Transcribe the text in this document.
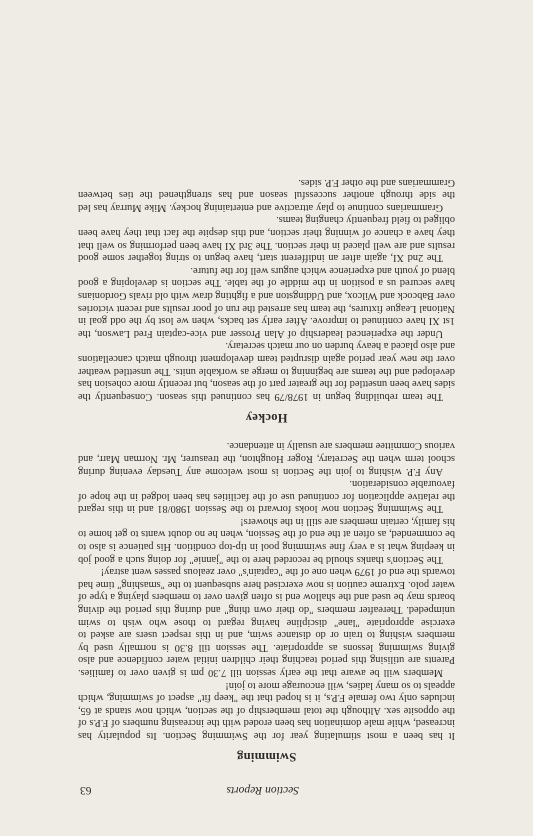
Section Reports
63
Swimming

It has been a most stimulating year for the Swimming Section. Its popularity has increased, while male domination has been eroded with the increasing numbers of F.P.s of the opposite sex. Although the total membership of the section, which now stands at 65, includes only two female F.P.s, it is hoped that the "keep fit" aspect of swimming, which appeals to so many ladies, will encourage more to join!

Members will be aware that the early session till 7.30 pm is given over to families. Parents are utilising this period teaching their children initial water confidence and also giving swimming lessons as appropriate. The session till 8.30 is normally used by members wishing to train or do distance swim, and in this respect users are asked to exercise appropriate "lane" discipline having regard to those who wish to swim unimpeded. Thereafter members "do their own thing" and during this period the diving boards may be used and the shallow end is often given over to members playing a type of water polo. Extreme caution is now exercised here subsequent to the "smashing" time had towards the end of 1979 when one of the "captain's" over zealous passes went astray!

The Section's thanks should be recorded here to the "jannie" for doing such a good job in keeping what is a very fine swimming pool in tip-top condition. His patience is also to be commended, as often at the end of the Session, when he no doubt wants to get home to his family, certain members are still in the showers!

The Swimming Section now looks forward to the Session 1980/81 and in this regard the relative application for continued use of the facilities has been lodged in the hope of favourable consideration.

Any F.P. wishing to join the Section is most welcome any Tuesday evening during school term when the Secretary, Roger Houghton, the treasurer, Mr. Norman Marr, and various Committee members are usually in attendance.

Hockey

The team rebuilding begun in 1978/79 has continued this season. Consequently the sides have been unsettled for the greater part of the season, but recently more cohesion has developed and the teams are beginning to merge as workable units. The unsettled weather over the new year period again disrupted team development through match cancellations and also placed a heavy burden on our match secretary.

Under the experienced leadership of Alan Prosser and vice-captain Fred Lawson, the 1st XI have continued to improve. After early set backs, when we lost by the odd goal in National League fixtures, the team has arrested the run of poor results and recent victories over Babcock and Wilcox, and Uddingston and a fighting draw with old rivals Gordonians have secured us a position in the middle of the table. The section is developing a good blend of youth and experience which augurs well for the future.

The 2nd XI, again after an indifferent start, have begun to string together some good results and are well placed in their section. The 3rd XI have been performing so well that they have a chance of winning their section, and this despite the fact that they have been obliged to field frequently changing teams.

Grammarians continue to play attractive and entertaining hockey. Mike Murray has led the side through another successful season and has strengthened the ties between Grammarians and the other F.P. sides.
